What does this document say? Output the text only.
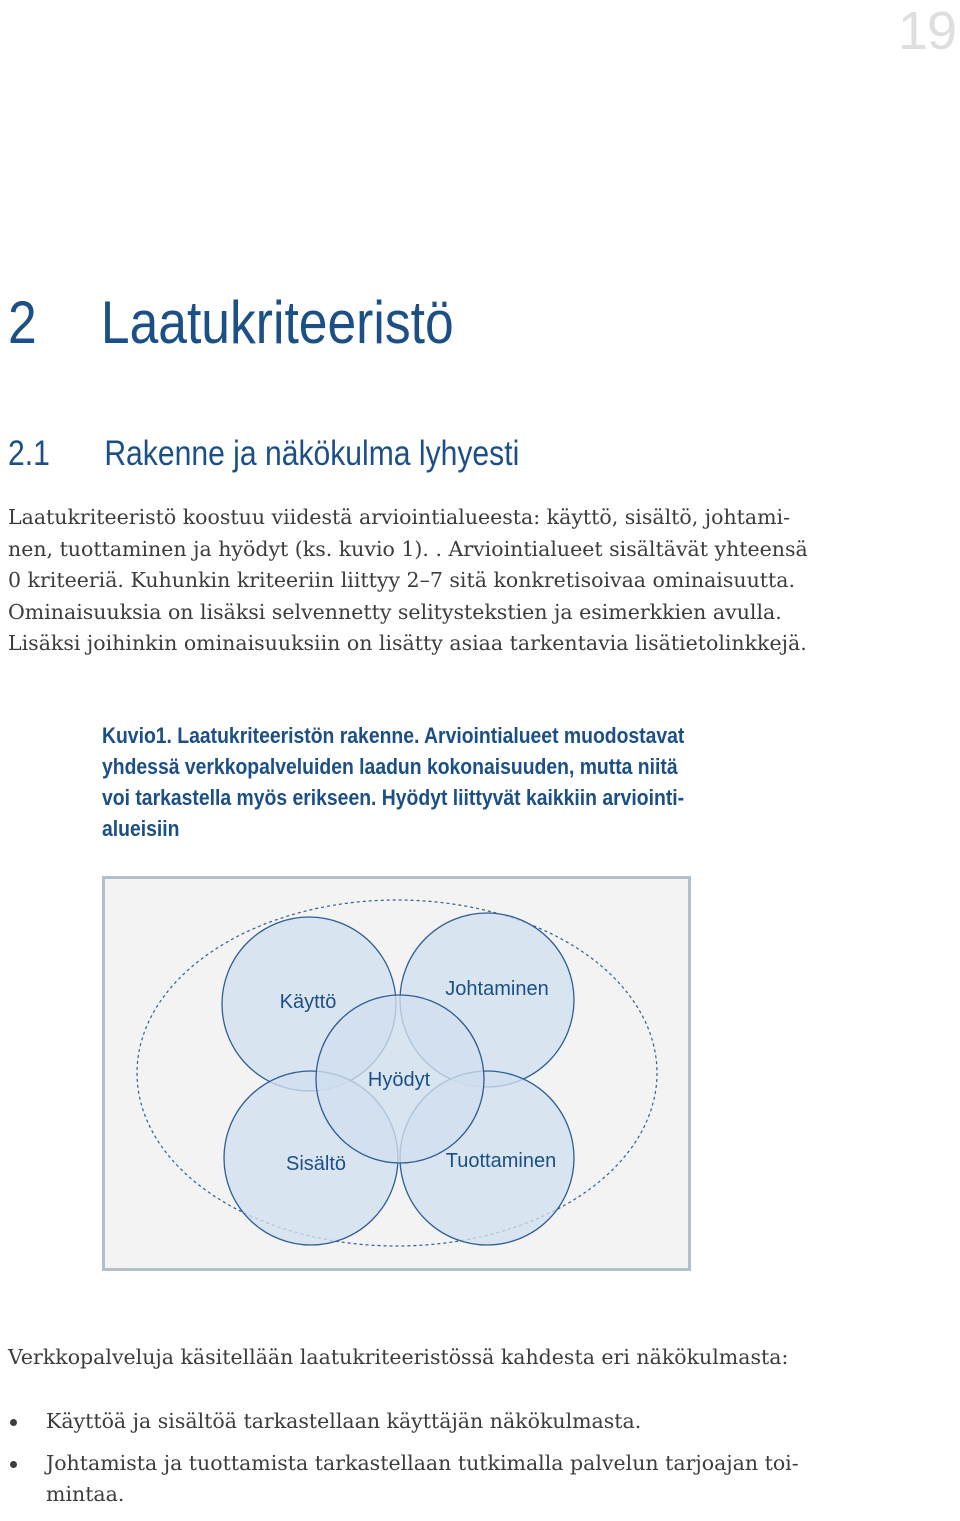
19
2 Laatukriteeristö
2.1 Rakenne ja näkökulma lyhyesti
Laatukriteeristö koostuu viidestä arviointialueesta: käyttö, sisältö, johtami-
nen, tuottaminen ja hyödyt (ks. kuvio 1). . Arviointialueet sisältävät yhteensä
0 kriteeriä. Kuhunkin kriteeriin liittyy 2–7 sitä konkretisoivaa ominaisuutta.
Ominaisuuksia on lisäksi selvennetty selitystekstien ja esimerkkien avulla.
Lisäksi joihinkin ominaisuuksiin on lisätty asiaa tarkentavia lisätietolinkkejä.
Kuvio1. Laatukriteeristön rakenne. Arviointialueet muodostavat
yhdessä verkkopalveluiden laadun kokonaisuuden, mutta niitä
voi tarkastella myös erikseen. Hyödyt liittyvät kaikkiin arviointi-
alueisiin
Käyttö
Johtaminen
Hyödyt
Sisältö	Tuottaminen
Verkkopalveluja käsitellään laatukriteeristössä kahdesta eri näkökulmasta:
Käyttöä ja sisältöä tarkastellaan käyttäjän näkökulmasta.
Johtamista ja tuottamista tarkastellaan tutkimalla palvelun tarjoajan toi-
mintaa.
